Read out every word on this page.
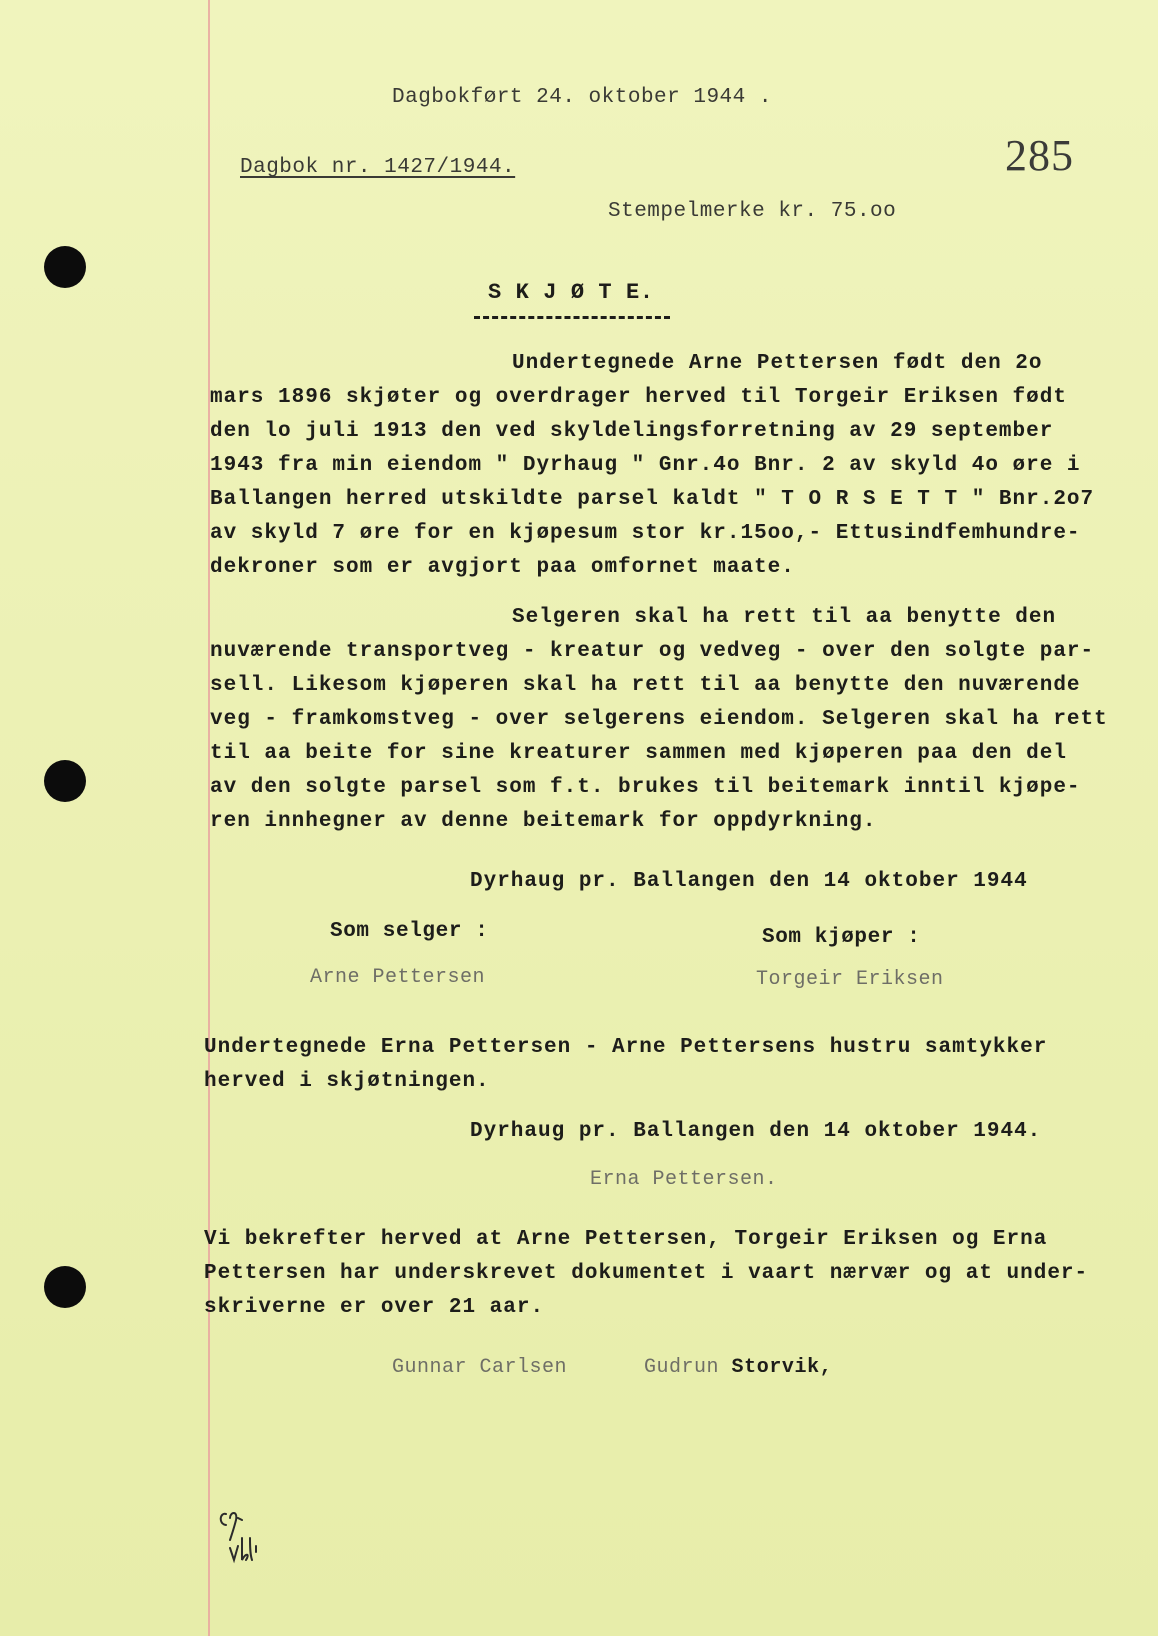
Dagbokført 24. oktober 1944 .

285

Dagbok nr. 1427/1944.

Stempelmerke kr. 75.oo

S K J Ø T E.

Undertegnede Arne Pettersen født den 2o

mars 1896 skjøter og overdrager herved til Torgeir Eriksen født

den lo juli 1913 den ved skyldelingsforretning av 29 september

1943 fra min eiendom " Dyrhaug " Gnr.4o Bnr. 2 av skyld 4o øre i

Ballangen herred utskildte parsel kaldt " T O R S E T T " Bnr.2o7

av skyld 7 øre for en kjøpesum stor kr.15oo,- Ettusindfemhundre-

dekroner som er avgjort paa omfornet maate.

Selgeren skal ha rett til aa benytte den

nuværende transportveg - kreatur og vedveg - over den solgte par-

sell. Likesom kjøperen skal ha rett til aa benytte den nuværende

veg - framkomstveg - over selgerens eiendom. Selgeren skal ha rett

til aa beite for sine kreaturer sammen med kjøperen paa den del

av den solgte parsel som f.t. brukes til beitemark inntil kjøpe-

ren innhegner av denne beitemark for oppdyrkning.

Dyrhaug pr. Ballangen den 14 oktober 1944

Som selger :	Som kjøper :

Arne Pettersen	Torgeir Eriksen

Undertegnede Erna Pettersen - Arne Pettersens hustru samtykker

herved i skjøtningen.

Dyrhaug pr. Ballangen den 14 oktober 1944.

Erna Pettersen.

Vi bekrefter herved at Arne Pettersen, Torgeir Eriksen og Erna

Pettersen har underskrevet dokumentet i vaart nærvær og at under-

skriverne er over 21 aar.

Gunnar Carlsen	Gudrun Storvik,
